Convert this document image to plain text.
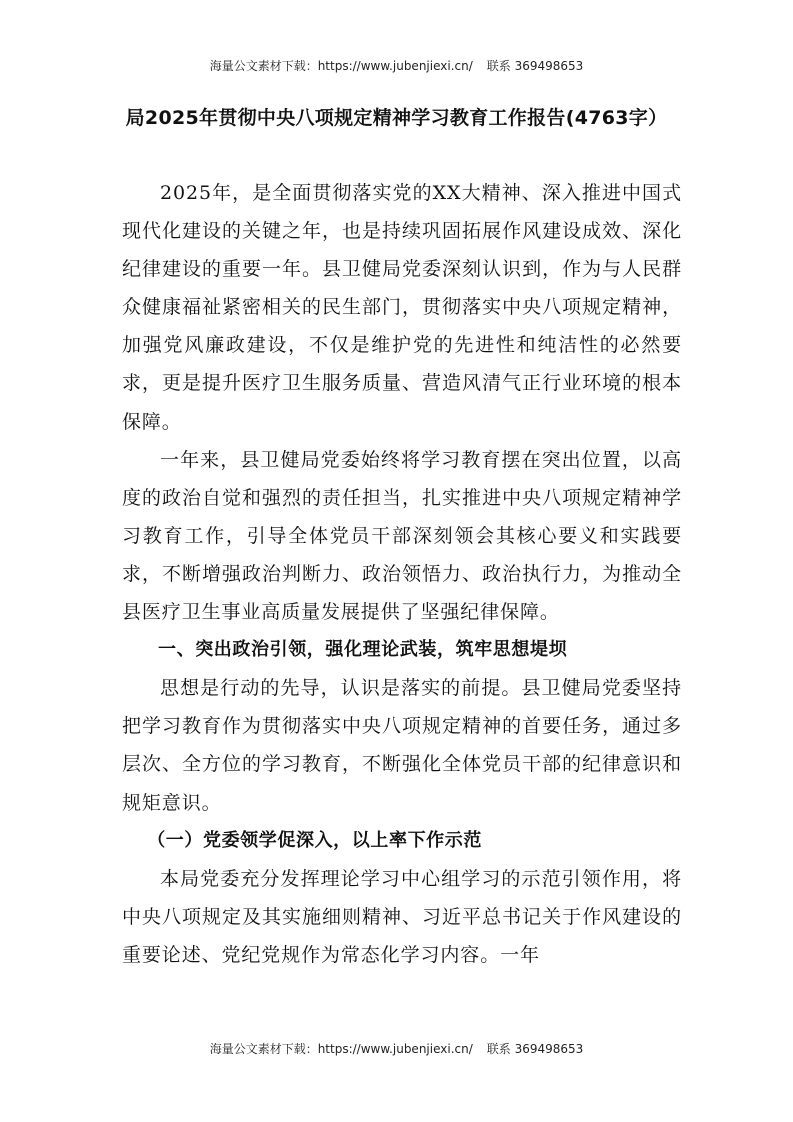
海量公文素材下载：https://www.jubenjiexi.cn/ 联系 369498653
局2025年贯彻中央八项规定精神学习教育工作报告(4763字）

2025年，是全面贯彻落实党的XX大精神、深入推进中国式现代化建设的关键之年，也是持续巩固拓展作风建设成效、深化纪律建设的重要一年。县卫健局党委深刻认识到，作为与人民群众健康福祉紧密相关的民生部门，贯彻落实中央八项规定精神，加强党风廉政建设，不仅是维护党的先进性和纯洁性的必然要求，更是提升医疗卫生服务质量、营造风清气正行业环境的根本保障。

一年来，县卫健局党委始终将学习教育摆在突出位置，以高度的政治自觉和强烈的责任担当，扎实推进中央八项规定精神学习教育工作，引导全体党员干部深刻领会其核心要义和实践要求，不断增强政治判断力、政治领悟力、政治执行力，为推动全县医疗卫生事业高质量发展提供了坚强纪律保障。

一、突出政治引领，强化理论武装，筑牢思想堤坝

思想是行动的先导，认识是落实的前提。县卫健局党委坚持把学习教育作为贯彻落实中央八项规定精神的首要任务，通过多层次、全方位的学习教育，不断强化全体党员干部的纪律意识和规矩意识。

（一）党委领学促深入，以上率下作示范

本局党委充分发挥理论学习中心组学习的示范引领作用，将中央八项规定及其实施细则精神、习近平总书记关于作风建设的重要论述、党纪党规作为常态化学习内容。一年

海量公文素材下载：https://www.jubenjiexi.cn/ 联系 369498653
